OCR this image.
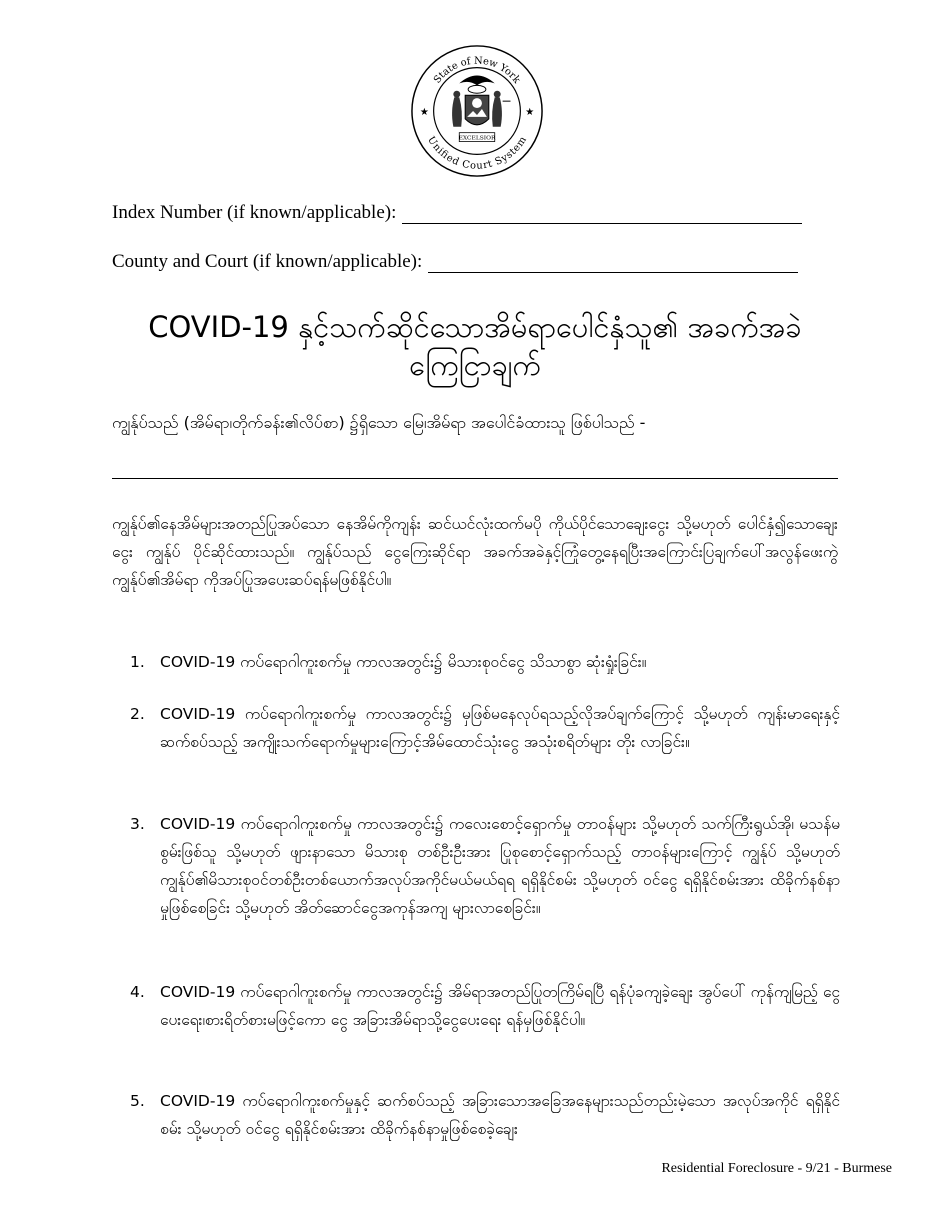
State of New York
Unified Court System
★	★
EXCELSIOR
Index Number (if known/applicable):
County and Court (if known/applicable):
COVID-19 နှင့်သက်ဆိုင်သောအိမ်ရာပေါင်နှံသူ၏ အခက်အခဲကြေငြာချက်
ကျွန်ုပ်သည် (အိမ်ရာ၊တိုက်ခန်း၏လိပ်စာ) ၌ရှိသော မြေ၊အိမ်ရာ အပေါင်ခံထားသူ ဖြစ်ပါသည် -
ကျွန်ုပ်၏နေအိမ်များအတည်ပြုအပ်သော နေအိမ်ကိုကျန်း ဆင်ယင်လုံးထက်မပို ကိုယ်ပိုင်သောချေးငွေး သို့မဟုတ် ပေါင်နှံ၍သောချေးငွေး ကျွန်ုပ် ပိုင်ဆိုင်ထားသည်။ ကျွန်ုပ်သည် ငွေကြေးဆိုင်ရာ အခက်အခဲနှင့်ကြုံတွေ့နေရပြီးအကြောင်းပြချက်ပေါ်အလွန်ဖေးကွဲ ကျွန်ုပ်၏အိမ်ရာ ကိုအပ်ပြုအပေးဆပ်ရန်မဖြစ်နိုင်ပါ။
1. COVID-19 ကပ်ရောဂါကူးစက်မှု ကာလအတွင်း၌ မိသားစုဝင်ငွေ သိသာစွာ ဆုံးရှုံးခြင်း။
2. COVID-19 ကပ်ရောဂါကူးစက်မှု ကာလအတွင်း၌ မှဖြစ်မနေလုပ်ရသည့်လိုအပ်ချက်ကြောင့် သို့မဟုတ် ကျန်းမာရေးနှင့်ဆက်စပ်သည့် အကျိုးသက်ရောက်မှုများကြောင့်အိမ်ထောင်သုံးငွေ အသုံးစရိတ်များ တိုး လာခြင်း။
3. COVID-19 ကပ်ရောဂါကူးစက်မှု ကာလအတွင်း၌ ကလေးစောင့်ရှောက်မှု တာဝန်များ သို့မဟုတ် သက်ကြီးရွယ်အို၊ မသန်မစွမ်းဖြစ်သူ သို့မဟုတ် ဖျားနာသော မိသားစု တစ်ဦးဦးအား ပြုစုစောင့်ရှောက်သည့် တာဝန်များကြောင့် ကျွန်ုပ် သို့မဟုတ် ကျွန်ုပ်၏မိသားစုဝင်တစ်ဦးတစ်ယောက်အလုပ်အကိုင်မယ်မယ်ရရ ရရှိနိုင်စမ်း သို့မဟုတ် ဝင်ငွေ ရရှိနိုင်စမ်းအား ထိခိုက်နစ်နာမှုဖြစ်စေခြင်း သို့မဟုတ် အိတ်ဆောင်ငွေအကုန်အကျ များလာစေခြင်း။
4. COVID-19 ကပ်ရောဂါကူးစက်မှု ကာလအတွင်း၌ အိမ်ရာအတည်ပြုတကြိမ်ရပြီ ရန်ပုံခကျခဲ့ချေး အွပ်ပေါ် ကုန်ကျမြည့် ငွေပေးရေး၊စားရိတ်စားမဖြင့်ကော ငွေ အခြားအိမ်ရာသို့ငွေပေးရေး ရန်မှဖြစ်နိုင်ပါ။
5. COVID-19 ကပ်ရောဂါကူးစက်မှုနှင့် ဆက်စပ်သည့် အခြားသောအခြေအနေများသည်တည်းမဲ့သော အလုပ်အကိုင် ရရှိနိုင်စမ်း သို့မဟုတ် ဝင်ငွေ ရရှိနိုင်စမ်းအား ထိခိုက်နစ်နာမှုဖြစ်စေခဲ့ချေး
Residential Foreclosure - 9/21 - Burmese
